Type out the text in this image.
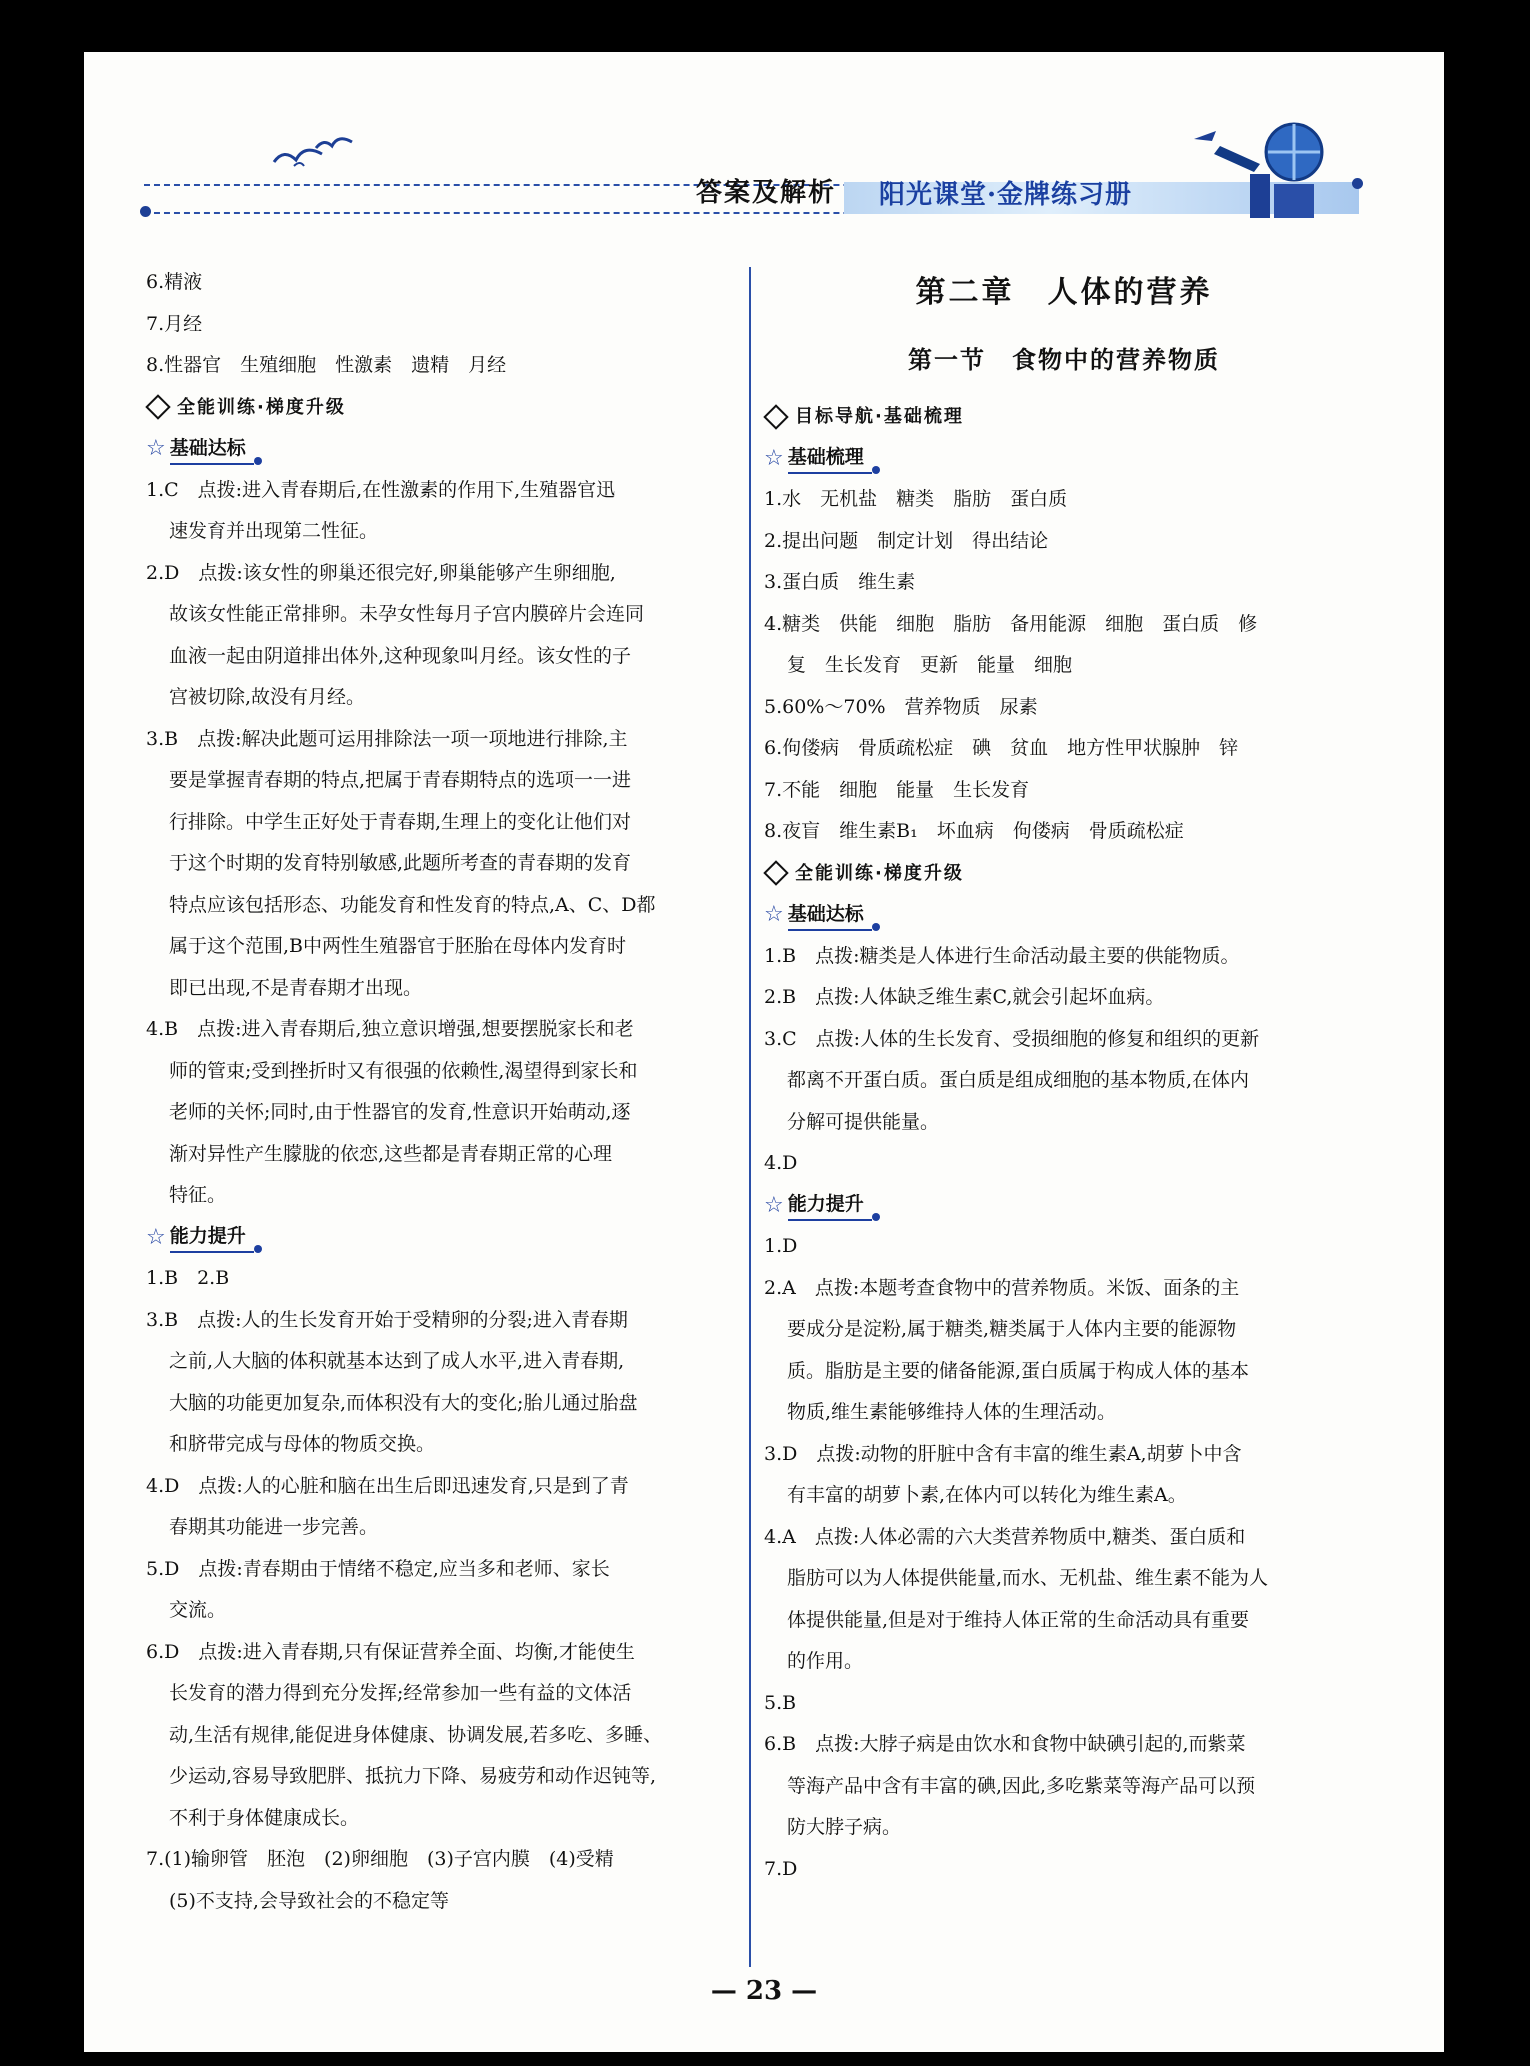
答案及解析 阳光课堂·金牌练习册
6.精液
7.月经
8.性器官　生殖细胞　性激素　遗精　月经
全能训练·梯度升级
☆ 基础达标
1.C　点拨:进入青春期后,在性激素的作用下,生殖器官迅
速发育并出现第二性征。
2.D　点拨:该女性的卵巢还很完好,卵巢能够产生卵细胞,
故该女性能正常排卵。未孕女性每月子宫内膜碎片会连同
血液一起由阴道排出体外,这种现象叫月经。该女性的子
宫被切除,故没有月经。
3.B　点拨:解决此题可运用排除法一项一项地进行排除,主
要是掌握青春期的特点,把属于青春期特点的选项一一进
行排除。中学生正好处于青春期,生理上的变化让他们对
于这个时期的发育特别敏感,此题所考查的青春期的发育
特点应该包括形态、功能发育和性发育的特点,A、C、D都
属于这个范围,B中两性生殖器官于胚胎在母体内发育时
即已出现,不是青春期才出现。
4.B　点拨:进入青春期后,独立意识增强,想要摆脱家长和老
师的管束;受到挫折时又有很强的依赖性,渴望得到家长和
老师的关怀;同时,由于性器官的发育,性意识开始萌动,逐
渐对异性产生朦胧的依恋,这些都是青春期正常的心理
特征。
☆ 能力提升
1.B　2.B
3.B　点拨:人的生长发育开始于受精卵的分裂;进入青春期
之前,人大脑的体积就基本达到了成人水平,进入青春期,
大脑的功能更加复杂,而体积没有大的变化;胎儿通过胎盘
和脐带完成与母体的物质交换。
4.D　点拨:人的心脏和脑在出生后即迅速发育,只是到了青
春期其功能进一步完善。
5.D　点拨:青春期由于情绪不稳定,应当多和老师、家长
交流。
6.D　点拨:进入青春期,只有保证营养全面、均衡,才能使生
长发育的潜力得到充分发挥;经常参加一些有益的文体活
动,生活有规律,能促进身体健康、协调发展,若多吃、多睡、
少运动,容易导致肥胖、抵抗力下降、易疲劳和动作迟钝等,
不利于身体健康成长。
7.(1)输卵管　胚泡　(2)卵细胞　(3)子宫内膜　(4)受精
(5)不支持,会导致社会的不稳定等
第二章　人体的营养
第一节　食物中的营养物质
目标导航·基础梳理
☆ 基础梳理
1.水　无机盐　糖类　脂肪　蛋白质
2.提出问题　制定计划　得出结论
3.蛋白质　维生素
4.糖类　供能　细胞　脂肪　备用能源　细胞　蛋白质　修
复　生长发育　更新　能量　细胞
5.60%～70%　营养物质　尿素
6.佝偻病　骨质疏松症　碘　贫血　地方性甲状腺肿　锌
7.不能　细胞　能量　生长发育
8.夜盲　维生素B₁　坏血病　佝偻病　骨质疏松症
全能训练·梯度升级
☆ 基础达标
1.B　点拨:糖类是人体进行生命活动最主要的供能物质。
2.B　点拨:人体缺乏维生素C,就会引起坏血病。
3.C　点拨:人体的生长发育、受损细胞的修复和组织的更新
都离不开蛋白质。蛋白质是组成细胞的基本物质,在体内
分解可提供能量。
4.D
☆ 能力提升
1.D
2.A　点拨:本题考查食物中的营养物质。米饭、面条的主
要成分是淀粉,属于糖类,糖类属于人体内主要的能源物
质。脂肪是主要的储备能源,蛋白质属于构成人体的基本
物质,维生素能够维持人体的生理活动。
3.D　点拨:动物的肝脏中含有丰富的维生素A,胡萝卜中含
有丰富的胡萝卜素,在体内可以转化为维生素A。
4.A　点拨:人体必需的六大类营养物质中,糖类、蛋白质和
脂肪可以为人体提供能量,而水、无机盐、维生素不能为人
体提供能量,但是对于维持人体正常的生命活动具有重要
的作用。
5.B
6.B　点拨:大脖子病是由饮水和食物中缺碘引起的,而紫菜
等海产品中含有丰富的碘,因此,多吃紫菜等海产品可以预
防大脖子病。
7.D
— 23 —
